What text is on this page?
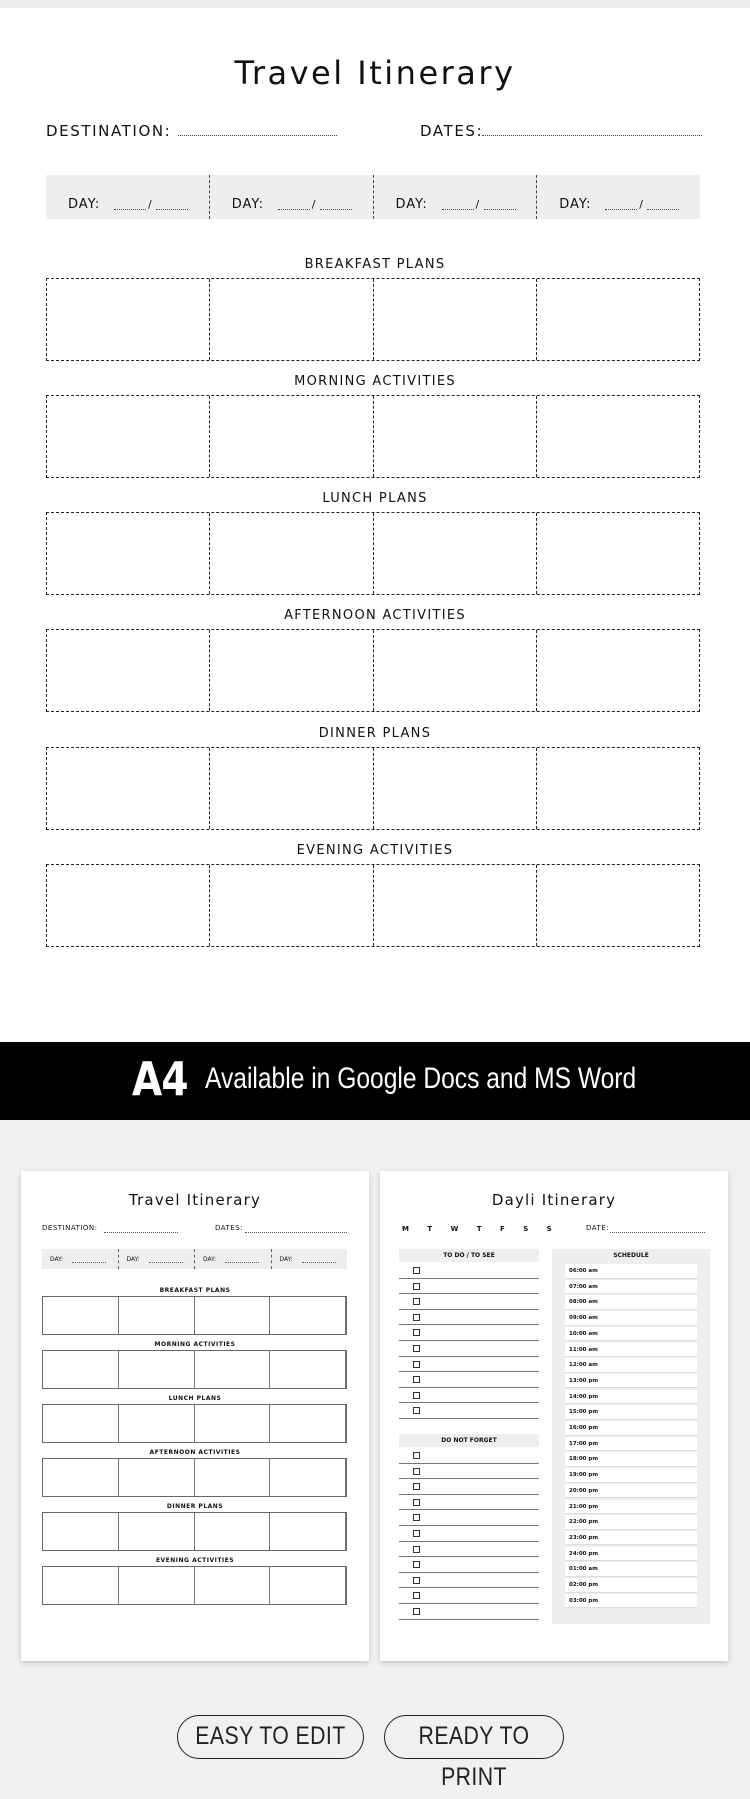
Travel Itinerary
DESTINATION:	DATES:
DAY:	/	DAY:	/	DAY:	/	DAY:	/
BREAKFAST PLANS
MORNING ACTIVITIES
LUNCH PLANS
AFTERNOON ACTIVITIES
DINNER PLANS
EVENING ACTIVITIES
A4 Available in Google Docs and MS Word
Travel Itinerary
DESTINATION:	DATES:
DAY:	DAY:	DAY:	DAY:
BREAKFAST PLANS
MORNING ACTIVITIES
LUNCH PLANS
AFTERNOON ACTIVITIES
DINNER PLANS
EVENING ACTIVITIES
Dayli Itinerary
M T W T F S S	DATE:
TO DO / TO SEE
DO NOT FORGET
SCHEDULE
06:00 am
07:00 am
08:00 am
09:00 am
10:00 am
11:00 am
12:00 am
13:00 pm
14:00 pm
15:00 pm
16:00 pm
17:00 pm
18:00 pm
19:00 pm
20:00 pm
21:00 pm
22:00 pm
23:00 pm
24:00 pm
01:00 am
02:00 pm
03:00 pm
EASY TO EDIT	READY TO PRINT
